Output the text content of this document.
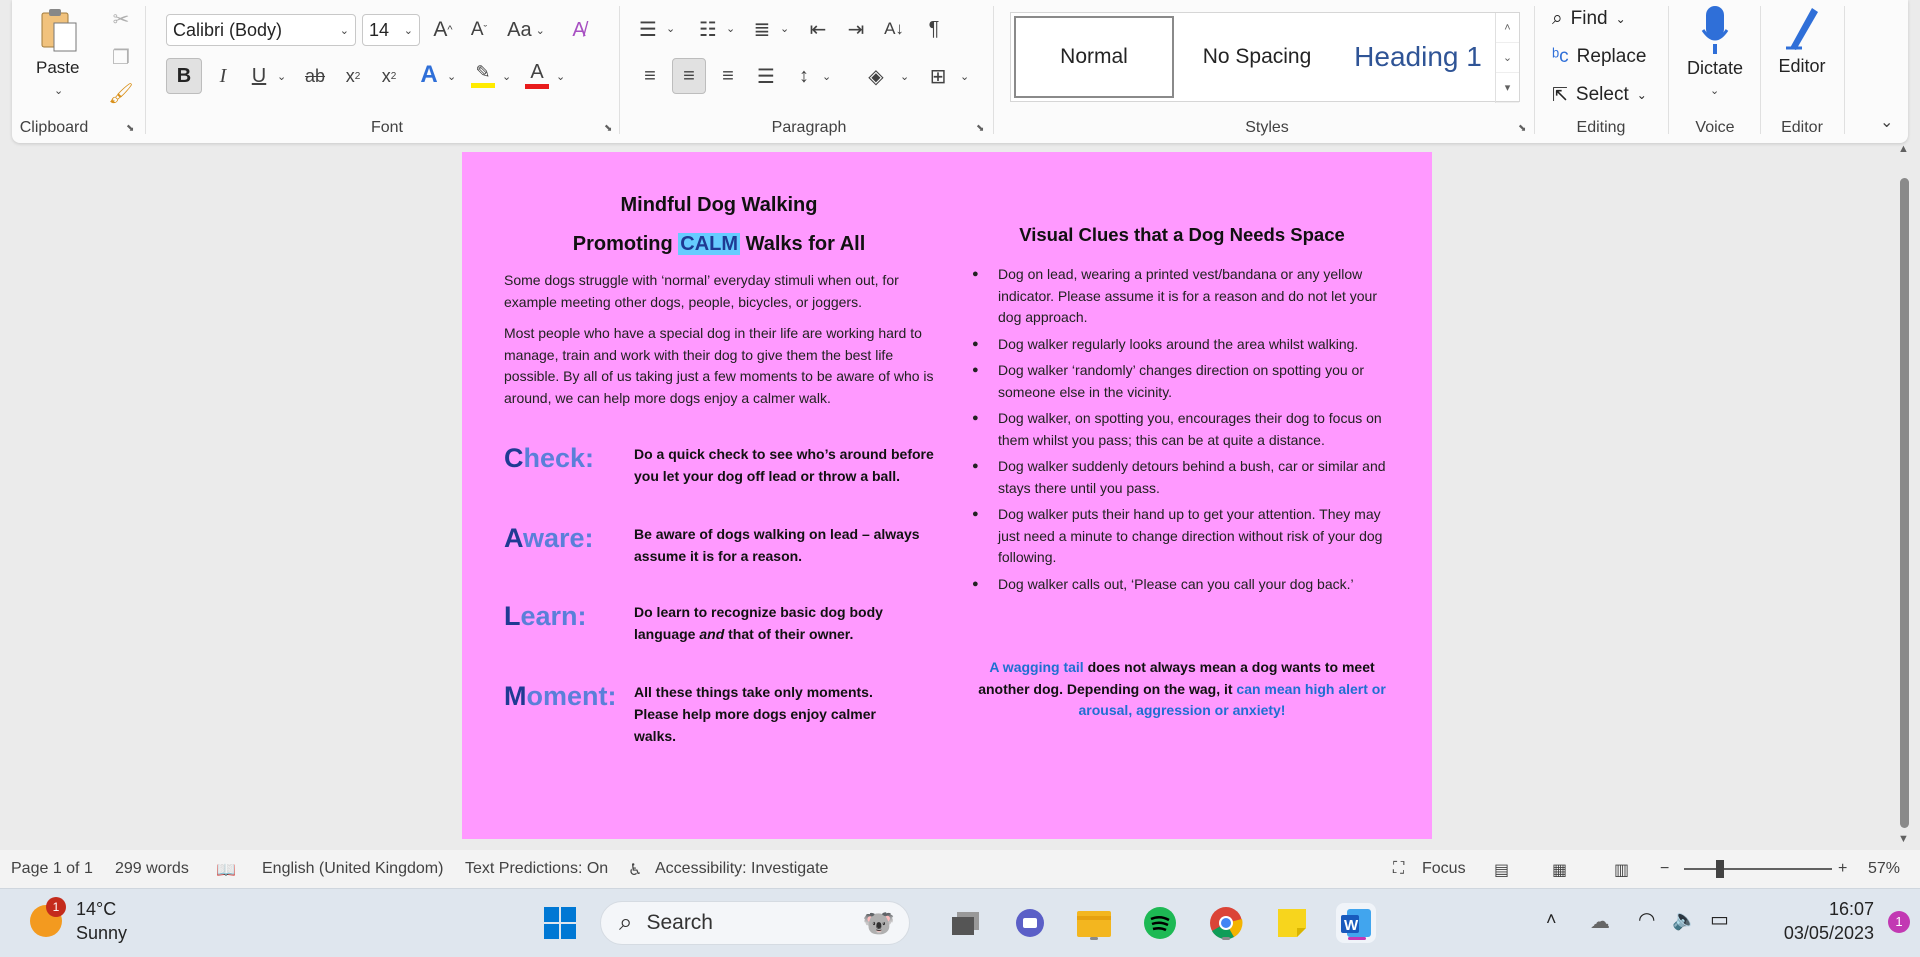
Paste
⌄
✂
❐
🖌
Clipboard	⬊
Calibri (Body)	⌄ 14 ⌄ A ^ A ˇ Aa ⌄	A̸
B	I	U ⌄	ab	x 2	x 2 A ⌄ ✎ ⌄ A ⌄
Font	⬊
☰ ⌄ ☷ ⌄ ≣ ⌄ ⇤ ⇥	A↓	¶
≡	≡	≡	☰	↕	⌄	◈	⌄ ⊞	⌄
Paragraph	⬊
Normal	No Spacing	Heading 1
˄
⌄
▾
Styles	⬊
⌕ Find ⌄
ᵇc Replace
⇱ Select ⌄
Editing
Dictate
⌄
Voice
Editor
Editor	⌄
Mindful Dog Walking
Promoting CALM Walks for All

Some dogs struggle with ‘normal’ everyday stimuli when out, for example meeting other dogs, people, bicycles, or joggers.

Most people who have a special dog in their life are working hard to manage, train and work with their dog to give them the best life possible. By all of us taking just a few moments to be aware of who is around, we can help more dogs enjoy a calmer walk.

Check:	Do a quick check to see who’s around before you let your dog off lead or throw a ball.
Aware:	Be aware of dogs walking on lead – always assume it is for a reason.
Learn:	Do learn to recognize basic dog body language and that of their owner.
Moment: All these things take only moments. Please help more dogs enjoy calmer walks.
Visual Clues that a Dog Needs Space
● Dog on lead, wearing a printed vest/bandana or any yellow indicator. Please assume it is for a reason and do not let your dog approach.
● Dog walker regularly looks around the area whilst walking.
● Dog walker ‘randomly’ changes direction on spotting you or someone else in the vicinity.
● Dog walker, on spotting you, encourages their dog to focus on them whilst you pass; this can be at quite a distance.
● Dog walker suddenly detours behind a bush, car or similar and stays there until you pass.
● Dog walker puts their hand up to get your attention. They may just need a minute to change direction without risk of your dog following.
● Dog walker calls out, ‘Please can you call your dog back.’

A wagging tail does not always mean a dog wants to meet another dog. Depending on the wag, it can mean high alert or arousal, aggression or anxiety!

▲
▼
Page 1 of 1 299 words 📖 English (United Kingdom) Text Predictions: On ♿ Accessibility: Investigate	⛶ Focus ▤	▦	▥ −	+ 57%
1 14°C
Sunny	⌕ Search	🐨	W	˄ ☁ ◠ 🔈 ▭	16:07
03/05/2023
1
